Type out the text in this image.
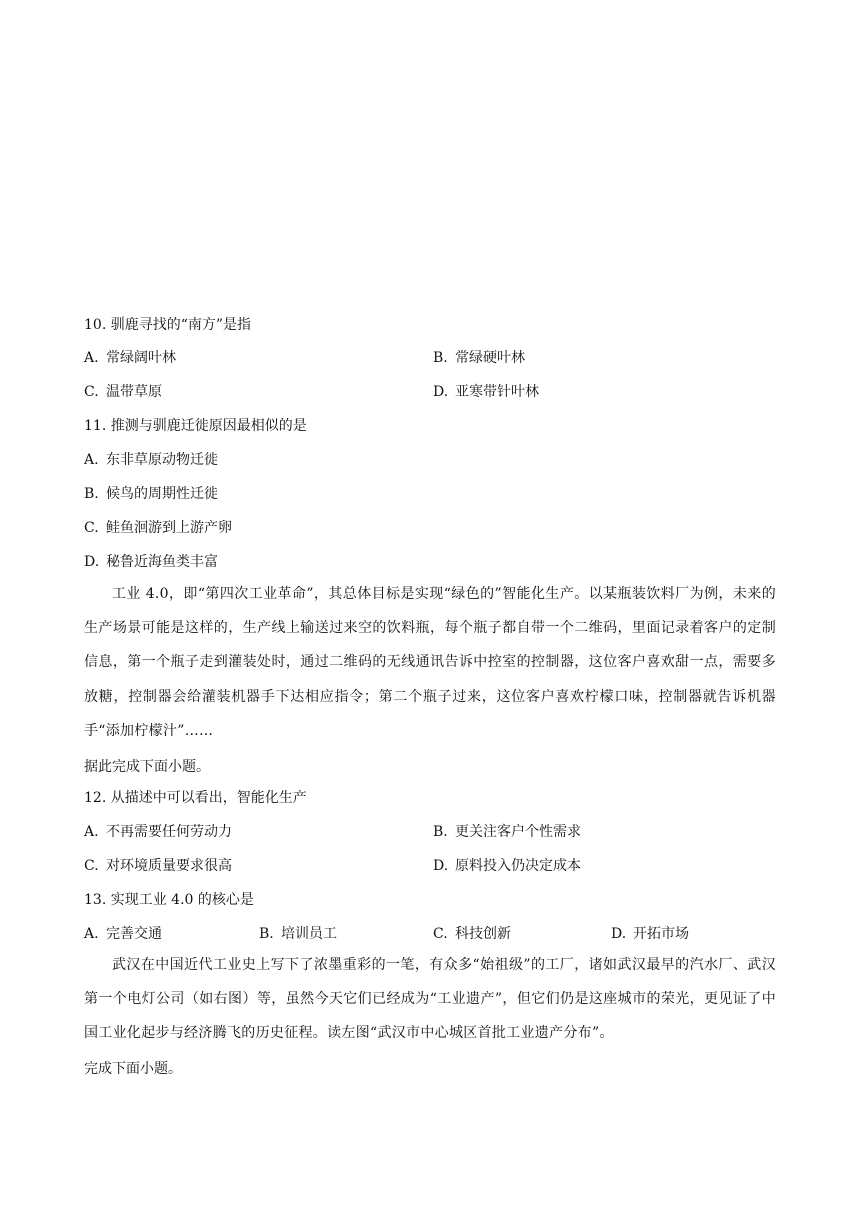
10. 驯鹿寻找的“南方”是指
A. 常绿阔叶林	B. 常绿硬叶林
C. 温带草原	D. 亚寒带针叶林
11. 推测与驯鹿迁徙原因最相似的是
A. 东非草原动物迁徙
B. 候鸟的周期性迁徙
C. 鲑鱼洄游到上游产卵
D. 秘鲁近海鱼类丰富
工业 4.0，即“第四次工业革命”，其总体目标是实现“绿色的”智能化生产。以某瓶装饮料厂为例，未来的生产场景可能是这样的，生产线上输送过来空的饮料瓶，每个瓶子都自带一个二维码，里面记录着客户的定制信息，第一个瓶子走到灌装处时，通过二维码的无线通讯告诉中控室的控制器，这位客户喜欢甜一点，需要多放糖，控制器会给灌装机器手下达相应指令；第二个瓶子过来，这位客户喜欢柠檬口味，控制器就告诉机器手“添加柠檬汁”……
据此完成下面小题。
12. 从描述中可以看出，智能化生产
A. 不再需要任何劳动力	B. 更关注客户个性需求
C. 对环境质量要求很高	D. 原料投入仍决定成本
13. 实现工业 4.0 的核心是
A. 完善交通	B. 培训员工	C. 科技创新	D. 开拓市场
武汉在中国近代工业史上写下了浓墨重彩的一笔，有众多“始祖级”的工厂，诸如武汉最早的汽水厂、武汉第一个电灯公司（如右图）等，虽然今天它们已经成为“工业遗产”，但它们仍是这座城市的荣光，更见证了中国工业化起步与经济腾飞的历史征程。读左图“武汉市中心城区首批工业遗产分布”。
完成下面小题。
